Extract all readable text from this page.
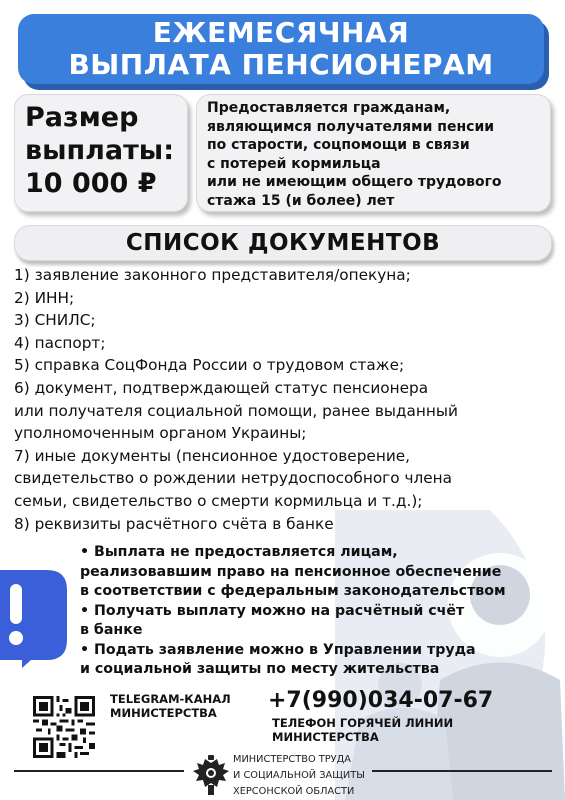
ЕЖЕМЕСЯЧНАЯ
ВЫПЛАТА ПЕНСИОНЕРАМ
Размер
выплаты:
10 000 ₽
Предоставляется гражданам,
являющимся получателями пенсии
по старости, соцпомощи в связи
с потерей кормильца
или не имеющим общего трудового
стажа 15 (и более) лет
СПИСОК ДОКУМЕНТОВ
1) заявление законного представителя/опекуна;
2) ИНН;
3) СНИЛС;
4) паспорт;
5) справка СоцФонда России о трудовом стаже;
6) документ, подтверждающей статус пенсионера
или получателя социальной помощи, ранее выданный
уполномоченным органом Украины;
7) иные документы (пенсионное удостоверение,
свидетельство о рождении нетрудоспособного члена
семьи, свидетельство о смерти кормильца и т.д.);
8) реквизиты расчётного счёта в банке
• Выплата не предоставляется лицам,
реализовавшим право на пенсионное обеспечение
в соответствии с федеральным законодательством
• Получать выплату можно на расчётный счёт
в банке
• Подать заявление можно в Управлении труда
и социальной защиты по месту жительства
TELEGRAM-КАНАЛ
МИНИСТЕРСТВА	+7(990)034-07-67
ТЕЛЕФОН ГОРЯЧЕЙ ЛИНИИ
МИНИСТЕРСТВА
МИНИСТЕРСТВО ТРУДА
И СОЦИАЛЬНОЙ ЗАЩИТЫ
ХЕРСОНСКОЙ ОБЛАСТИ
